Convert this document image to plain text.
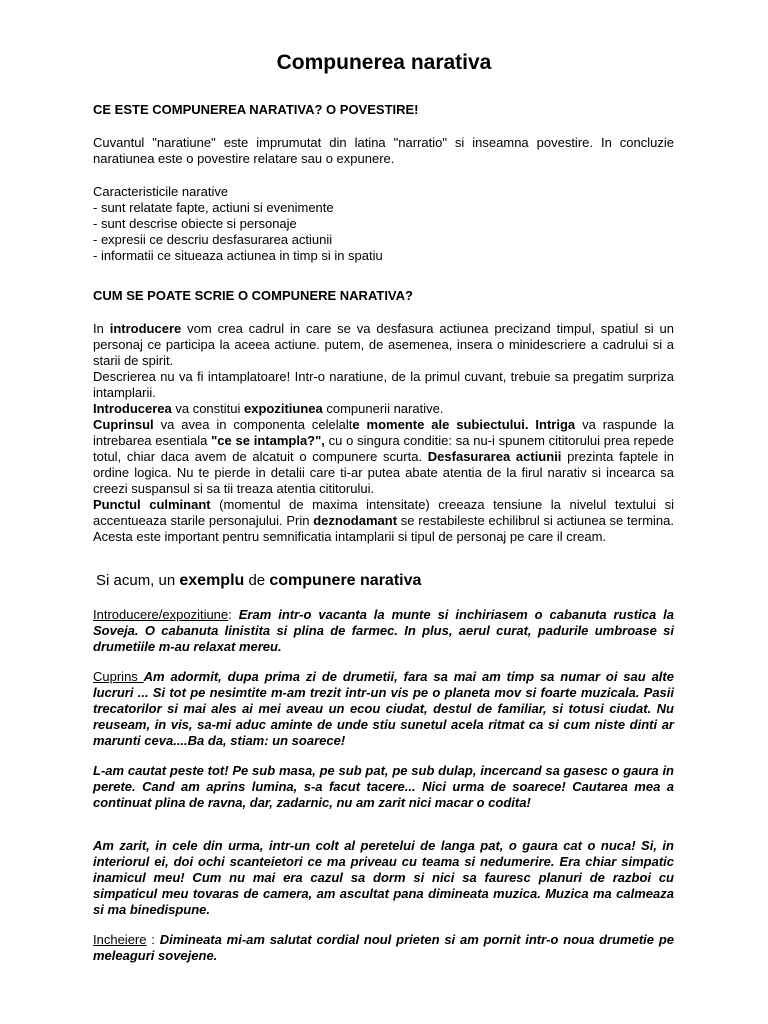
Compunerea narativa
CE ESTE COMPUNEREA NARATIVA? O POVESTIRE!

Cuvantul "naratiune" este imprumutat din latina "narratio" si inseamna povestire. In concluzie naratiunea este o povestire relatare sau o expunere.

Caracteristicile narative
- sunt relatate fapte, actiuni si evenimente
- sunt descrise obiecte si personaje
- expresii ce descriu desfasurarea actiunii
- informatii ce situeaza actiunea in timp si in spatiu
CUM SE POATE SCRIE O COMPUNERE NARATIVA?

In introducere vom crea cadrul in care se va desfasura actiunea precizand timpul, spatiul si un personaj ce participa la aceea actiune. putem, de asemenea, insera o minidescriere a cadrului si a starii de spirit.

Descrierea nu va fi intamplatoare! Intr-o naratiune, de la primul cuvant, trebuie sa pregatim surpriza intamplarii.

Introducerea va constitui expozitiunea compunerii narative.

Cuprinsul va avea in componenta celelalte momente ale subiectului. Intriga va raspunde la intrebarea esentiala "ce se intampla?", cu o singura conditie: sa nu-i spunem cititorului prea repede totul, chiar daca avem de alcatuit o compunere scurta. Desfasurarea actiunii prezinta faptele in ordine logica. Nu te pierde in detalii care ti-ar putea abate atentia de la firul narativ si incearca sa creezi suspansul si sa tii treaza atentia cititorului.

Punctul culminant (momentul de maxima intensitate) creeaza tensiune la nivelul textului si accentueaza starile personajului. Prin deznodamant se restabileste echilibrul si actiunea se termina. Acesta este important pentru semnificatia intamplarii si tipul de personaj pe care il cream.

Si acum, un exemplu de compunere narativa

Introducere/expozitiune: Eram intr-o vacanta la munte si inchiriasem o cabanuta rustica la Soveja. O cabanuta linistita si plina de farmec. In plus, aerul curat, padurile umbroase si drumetiile m-au relaxat mereu.

Cuprins Am adormit, dupa prima zi de drumetii, fara sa mai am timp sa numar oi sau alte lucruri ... Si tot pe nesimtite m-am trezit intr-un vis pe o planeta mov si foarte muzicala. Pasii trecatorilor si mai ales ai mei aveau un ecou ciudat, destul de familiar, si totusi ciudat. Nu reuseam, in vis, sa-mi aduc aminte de unde stiu sunetul acela ritmat ca si cum niste dinti ar marunti ceva....Ba da, stiam: un soarece!

L-am cautat peste tot! Pe sub masa, pe sub pat, pe sub dulap, incercand sa gasesc o gaura in perete. Cand am aprins lumina, s-a facut tacere... Nici urma de soarece! Cautarea mea a continuat plina de ravna, dar, zadarnic, nu am zarit nici macar o codita!

Am zarit, in cele din urma, intr-un colt al peretelui de langa pat, o gaura cat o nuca! Si, in interiorul ei, doi ochi scanteietori ce ma priveau cu teama si nedumerire. Era chiar simpatic inamicul meu! Cum nu mai era cazul sa dorm si nici sa fauresc planuri de razboi cu simpaticul meu tovaras de camera, am ascultat pana dimineata muzica. Muzica ma calmeaza si ma binedispune.

Incheiere : Dimineata mi-am salutat cordial noul prieten si am pornit intr-o noua drumetie pe meleaguri sovejene.
